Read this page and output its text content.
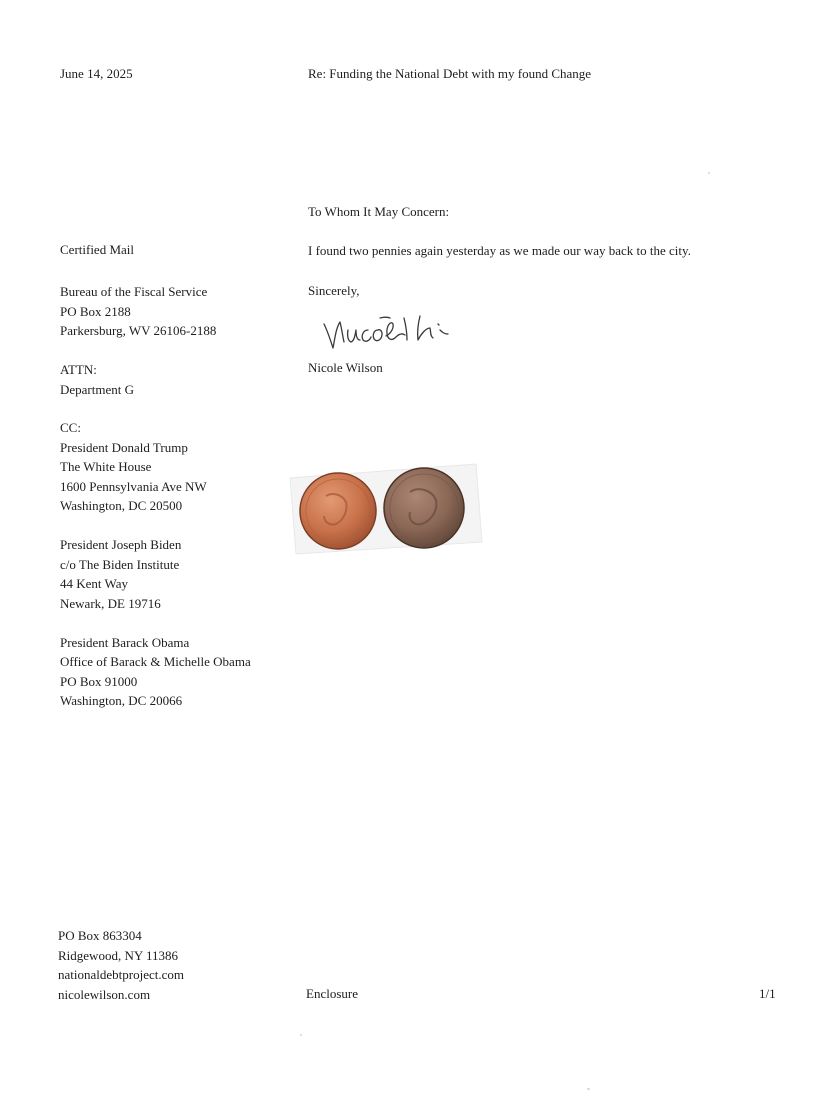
June 14, 2025	Re: Funding the National Debt with my found Change
To Whom It May Concern:
I found two pennies again yesterday as we made our way back to the city.
Sincerely,
Nicole Wilson
Certified Mail
Bureau of the Fiscal Service
PO Box 2188
Parkersburg, WV 26106-2188
ATTN:
Department G
CC:
President Donald Trump
The White House
1600 Pennsylvania Ave NW
Washington, DC 20500
President Joseph Biden
c/o The Biden Institute
44 Kent Way
Newark, DE 19716
President Barack Obama
Office of Barack & Michelle Obama
PO Box 91000
Washington, DC 20066
PO Box 863304
Ridgewood, NY 11386
nationaldebtproject.com
nicolewilson.com	Enclosure	1/1
